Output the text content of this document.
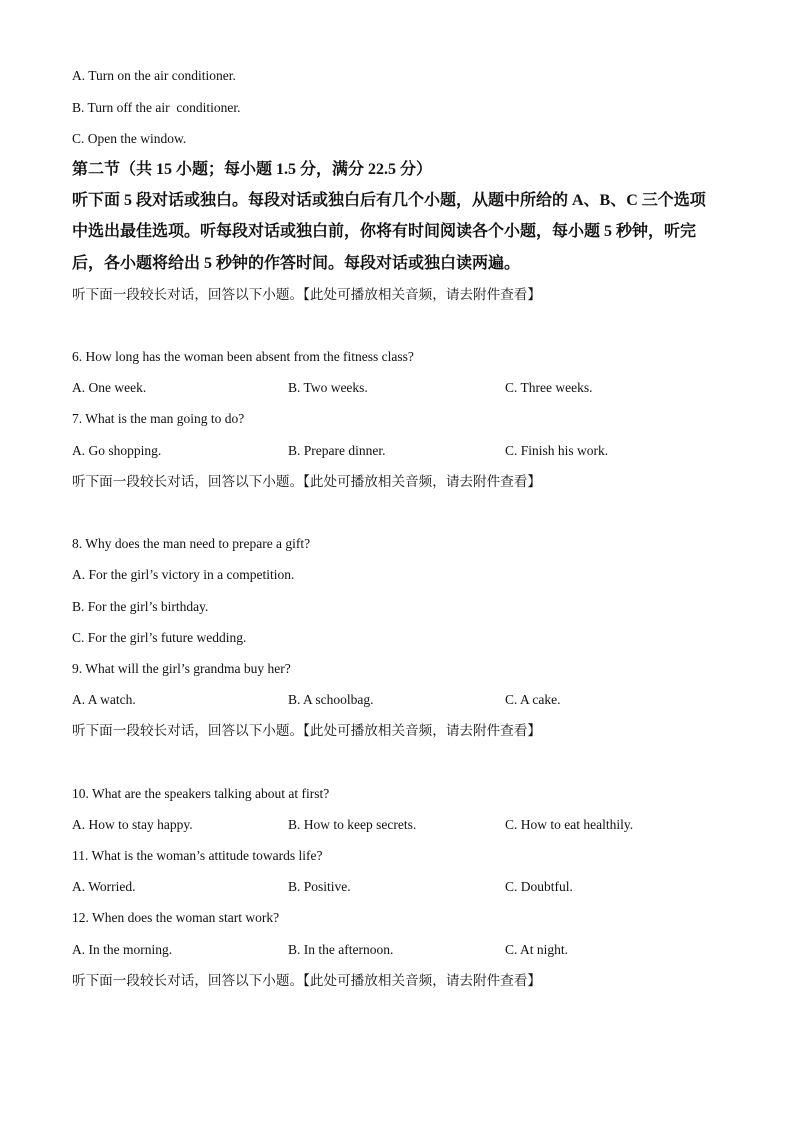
A. Turn on the air conditioner.
B. Turn off the air  conditioner.
C. Open the window.
第二节（共 15 小题；每小题 1.5 分，满分 22.5 分）
听下面 5 段对话或独白。每段对话或独白后有几个小题，从题中所给的 A、B、C 三个选项
中选出最佳选项。听每段对话或独白前，你将有时间阅读各个小题，每小题 5 秒钟，听完
后，各小题将给出 5 秒钟的作答时间。每段对话或独白读两遍。
听下面一段较长对话，回答以下小题。【此处可播放相关音频，请去附件查看】
6. How long has the woman been absent from the fitness class?
A. One week.	B. Two weeks.	C. Three weeks.
7. What is the man going to do?
A. Go shopping.	B. Prepare dinner.	C. Finish his work.
听下面一段较长对话，回答以下小题。【此处可播放相关音频，请去附件查看】
8. Why does the man need to prepare a gift?
A. For the girl’s victory in a competition.
B. For the girl’s birthday.
C. For the girl’s future wedding.
9. What will the girl’s grandma buy her?
A. A watch.	B. A schoolbag.	C. A cake.
听下面一段较长对话，回答以下小题。【此处可播放相关音频，请去附件查看】
10. What are the speakers talking about at first?
A. How to stay happy.	B. How to keep secrets.	C. How to eat healthily.
11. What is the woman’s attitude towards life?
A. Worried.	B. Positive.	C. Doubtful.
12. When does the woman start work?
A. In the morning.	B. In the afternoon.	C. At night.
听下面一段较长对话，回答以下小题。【此处可播放相关音频，请去附件查看】
